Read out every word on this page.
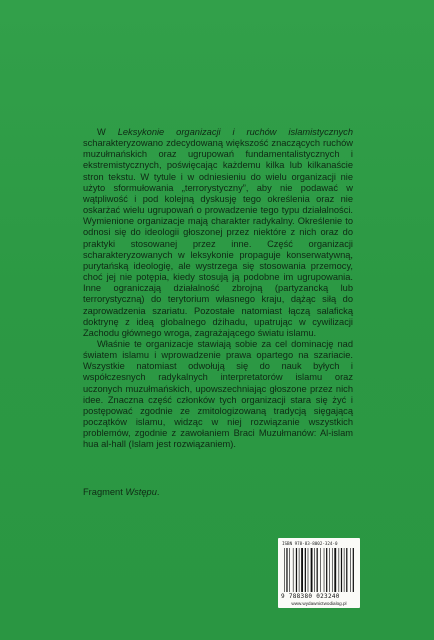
W Leksykonie organizacji i ruchów islamistycznych scharakteryzowano zdecydowaną większość znaczących ruchów muzułmańskich oraz ugrupowań fundamentalistycznych i ekstremistycznych, poświęcając każdemu kilka lub kilkanaście stron tekstu. W tytule i w odniesieniu do wielu organizacji nie użyto sformułowania „terrorystyczny”, aby nie podawać w wątpliwość i pod kolejną dyskusję tego określenia oraz nie oskarżać wielu ugrupowań o prowadzenie tego typu działalności. Wymienione organizacje mają charakter radykalny. Określenie to odnosi się do ideologii głoszonej przez niektóre z nich oraz do praktyki stosowanej przez inne. Część organizacji scharakteryzowanych w leksykonie propaguje konserwatywną, purytańską ideologię, ale wystrzega się stosowania przemocy, choć jej nie potępia, kiedy stosują ją podobne im ugrupowania. Inne ograniczają działalność zbrojną (partyzancką lub terrorystyczną) do terytorium własnego kraju, dążąc siłą do zaprowadzenia szariatu. Pozostałe natomiast łączą salaficką doktrynę z ideą globalnego dżihadu, upatrując w cywilizacji Zachodu głównego wroga, zagrażającego światu islamu.

Właśnie te organizacje stawiają sobie za cel dominację nad światem islamu i wprowadzenie prawa opartego na szariacie. Wszystkie natomiast odwołują się do nauk byłych i współczesnych radykalnych interpretatorów islamu oraz uczonych muzułmańskich, upowszechniając głoszone przez nich idee. Znaczna część członków tych organizacji stara się żyć i postępować zgodnie ze zmitologizowaną tradycją sięgającą początków islamu, widząc w niej rozwiązanie wszystkich problemów, zgodnie z zawołaniem Braci Muzułmanów: Al-islam hua al-hall (Islam jest rozwiązaniem).

Fragment Wstępu.
ISBN 978-83-8002-324-0
9 788380 023240
www.wydawnictwodialog.pl
